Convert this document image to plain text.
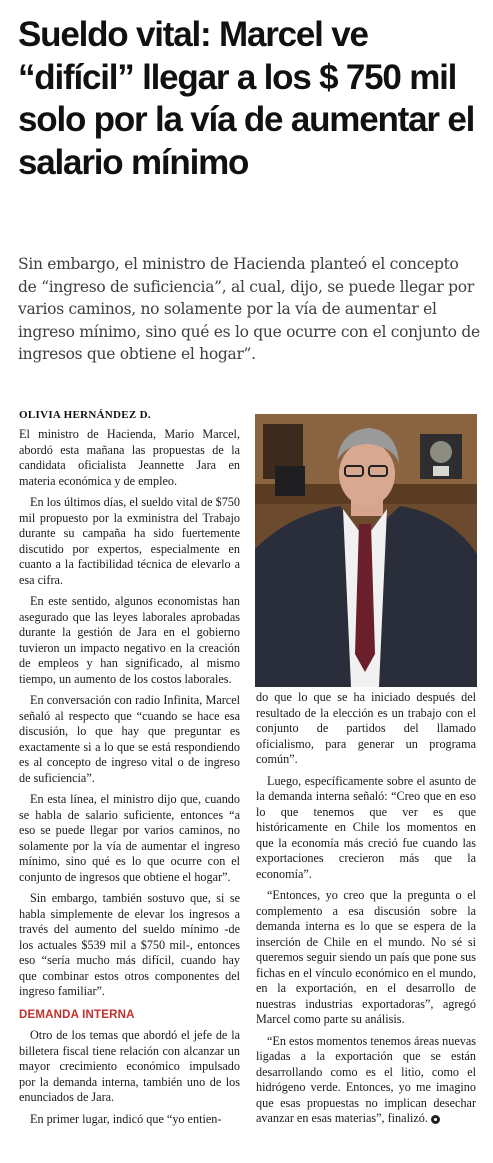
Sueldo vital: Marcel ve “difícil” llegar a los $ 750 mil solo por la vía de aumentar el salario mínimo

Sin embargo, el ministro de Hacienda planteó el concepto de “ingreso de suficiencia”, al cual, dijo, se puede llegar por varios caminos, no solamente por la vía de aumentar el ingreso mínimo, sino qué es lo que ocurre con el conjunto de ingresos que obtiene el hogar”.

OLIVIA HERNÁNDEZ D.

El ministro de Hacienda, Mario Marcel, abordó esta mañana las propuestas de la candidata oficialista Jeannette Jara en materia económica y de empleo.

En los últimos días, el sueldo vital de $750 mil propuesto por la exministra del Trabajo durante su campaña ha sido fuertemente discutido por expertos, especialmente en cuanto a la factibilidad técnica de elevarlo a esa cifra.

En este sentido, algunos economistas han asegurado que las leyes laborales aprobadas durante la gestión de Jara en el gobierno tuvieron un impacto negativo en la creación de empleos y han significado, al mismo tiempo, un aumento de los costos laborales.

En conversación con radio Infinita, Marcel señaló al respecto que “cuando se hace esa discusión, lo que hay que preguntar es exactamente si a lo que se está respondiendo es al concepto de ingreso vital o de ingreso de suficiencia”.

En esta línea, el ministro dijo que, cuando se habla de salario suficiente, entonces “a eso se puede llegar por varios caminos, no solamente por la vía de aumentar el ingreso mínimo, sino qué es lo que ocurre con el conjunto de ingresos que obtiene el hogar”.

Sin embargo, también sostuvo que, si se habla simplemente de elevar los ingresos a través del aumento del sueldo mínimo -de los actuales $539 mil a $750 mil-, entonces eso “sería mucho más difícil, cuando hay que combinar estos otros componentes del ingreso familiar”.

DEMANDA INTERNA

Otro de los temas que abordó el jefe de la billetera fiscal tiene relación con alcanzar un mayor crecimiento económico impulsado por la demanda interna, también uno de los enunciados de Jara.

En primer lugar, indicó que “yo entien-

do que lo que se ha iniciado después del resultado de la elección es un trabajo con el conjunto de partidos del llamado oficialismo, para generar un programa común”.

Luego, específicamente sobre el asunto de la demanda interna señaló: “Creo que en eso lo que tenemos que ver es que históricamente en Chile los momentos en que la economía más creció fue cuando las exportaciones crecieron más que la economía”.

“Entonces, yo creo que la pregunta o el complemento a esa discusión sobre la demanda interna es lo que se espera de la inserción de Chile en el mundo. No sé si queremos seguir siendo un país que pone sus fichas en el vínculo económico en el mundo, en la exportación, en el desarrollo de nuestras industrias exportadoras”, agregó Marcel como parte su análisis.

“En estos momentos tenemos áreas nuevas ligadas a la exportación que se están desarrollando como es el litio, como el hidrógeno verde. Entonces, yo me imagino que esas propuestas no implican desechar avanzar en esas materias”, finalizó.
